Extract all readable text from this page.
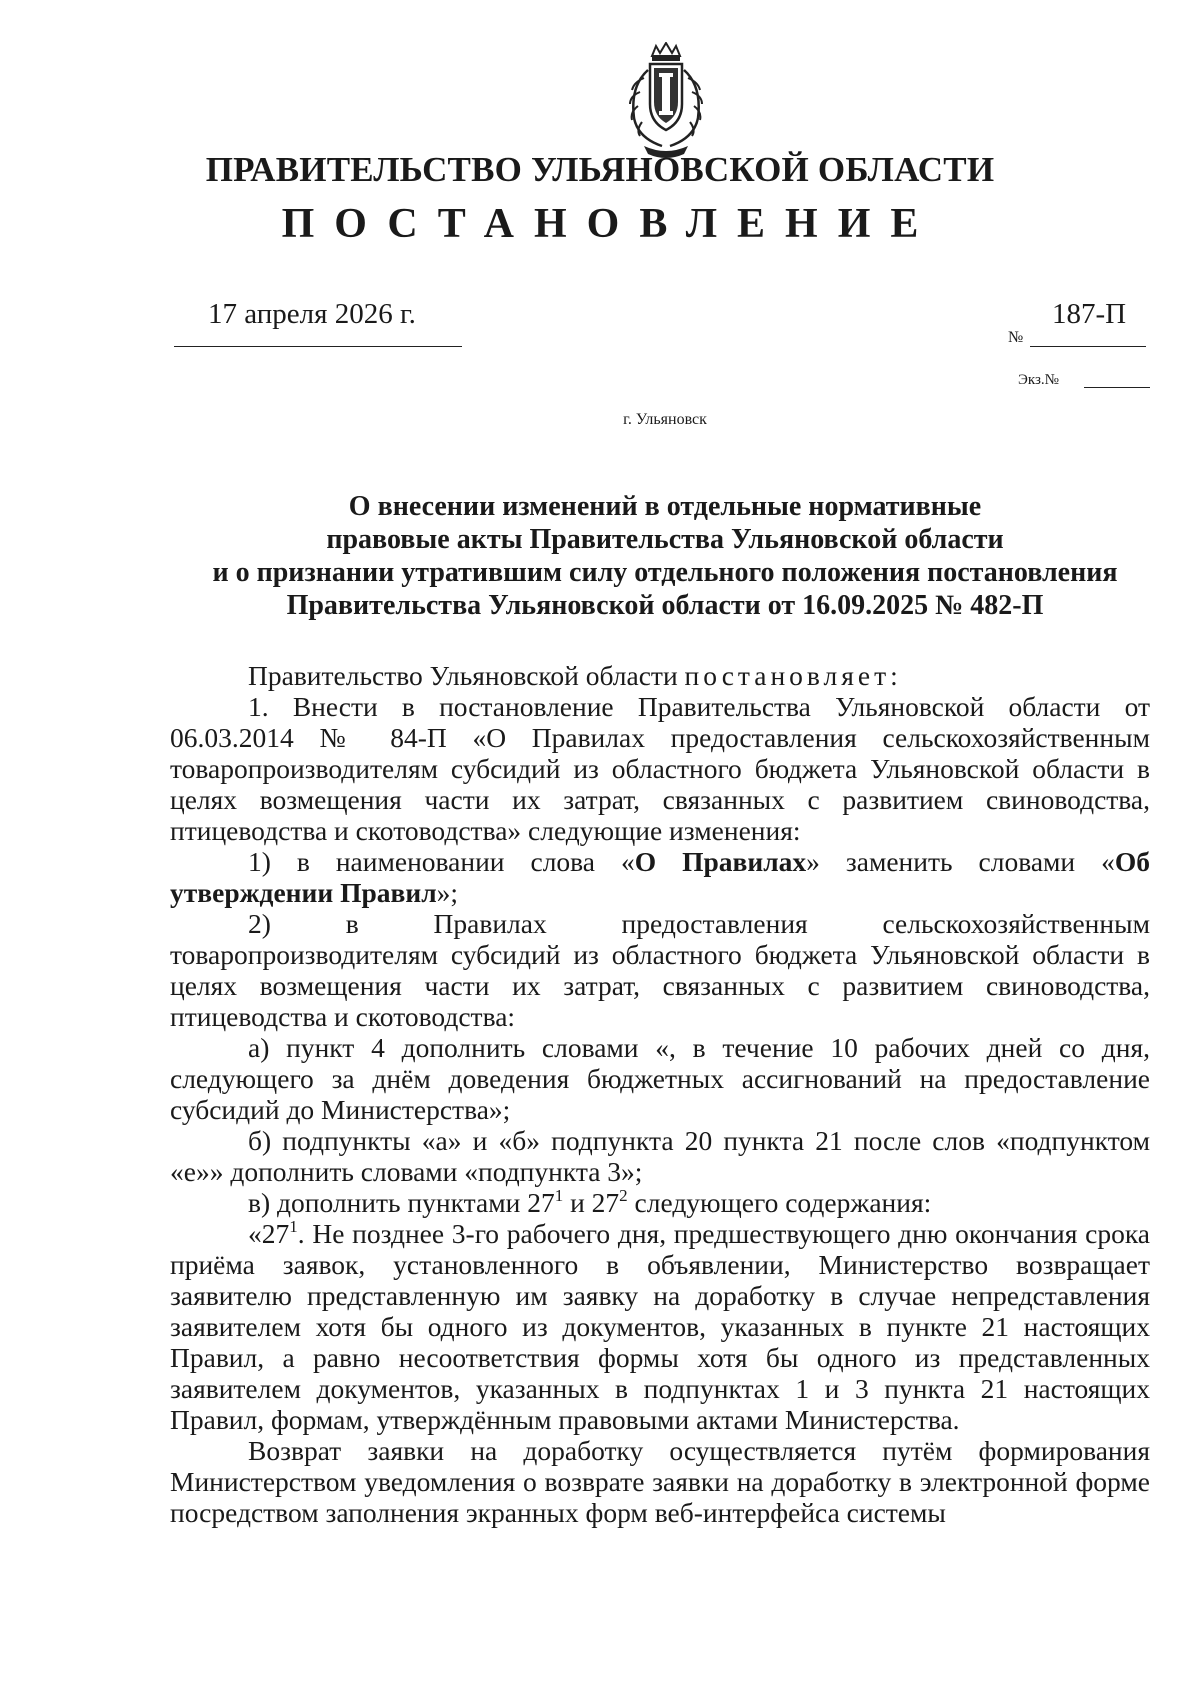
ПРАВИТЕЛЬСТВО УЛЬЯНОВСКОЙ ОБЛАСТИ
ПОСТАНОВЛЕНИЕ
17 апреля 2026 г.	187-П
№
Экз.№
г. Ульяновск
О внесении изменений в отдельные нормативные
правовые акты Правительства Ульяновской области
и о признании утратившим силу отдельного положения постановления
Правительства Ульяновской области от 16.09.2025 № 482-П

Правительство Ульяновской области постановляет:

1. Внести в постановление Правительства Ульяновской области от 06.03.2014 № 84-П «О Правилах предоставления сельскохозяйственным товаропроизводителям субсидий из областного бюджета Ульяновской области в целях возмещения части их затрат, связанных с развитием свиноводства, птицеводства и скотоводства» следующие изменения:

1) в наименовании слова «О Правилах» заменить словами «Об утверждении Правил»;

2) в Правилах предоставления сельскохозяйственным товаропроизводителям субсидий из областного бюджета Ульяновской области в целях возмещения части их затрат, связанных с развитием свиноводства, птицеводства и скотоводства:

а) пункт 4 дополнить словами «, в течение 10 рабочих дней со дня, следующего за днём доведения бюджетных ассигнований на предоставление субсидий до Министерства»;

б) подпункты «а» и «б» подпункта 20 пункта 21 после слов «подпунктом «е»» дополнить словами «подпункта 3»;

в) дополнить пунктами $27^1$ и $27^2$ следующего содержания:

«$27^1$. Не позднее 3-го рабочего дня, предшествующего дню окончания срока приёма заявок, установленного в объявлении, Министерство возвращает заявителю представленную им заявку на доработку в случае непредставления заявителем хотя бы одного из документов, указанных в пункте 21 настоящих Правил, а равно несоответствия формы хотя бы одного из представленных заявителем документов, указанных в подпунктах 1 и 3 пункта 21 настоящих Правил, формам, утверждённым правовыми актами Министерства.

Возврат заявки на доработку осуществляется путём формирования Министерством уведомления о возврате заявки на доработку в электронной форме посредством заполнения экранных форм веб-интерфейса системы
